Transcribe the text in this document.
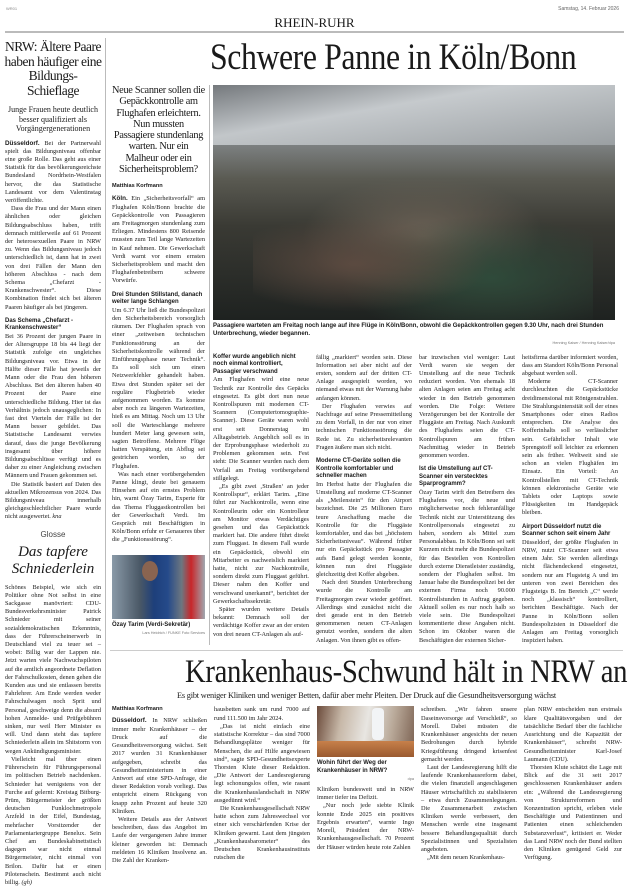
WR01	Samstag, 14. Februar 2026
RHEIN-RUHR
NRW: Ältere Paare haben häufiger eine Bildungs-Schieflage
Junge Frauen heute deutlich besser qualifiziert als Vorgängergenerationen

Düsseldorf. Bei der Partnerwahl spielt das Bildungsniveau offenbar eine große Rolle. Das geht aus einer Statistik für das bevölkerungsreichste Bundesland Nordrhein-Westfalen hervor, die das Statistische Landesamt vor dem Valentinstag veröffentlichte.

Dass die Frau und der Mann einen ähnlichen oder gleichen Bildungsabschluss haben, trifft demnach mittlerweile auf 61 Prozent der heterosexuellen Paare in NRW zu. Wenn das Bildungsniveau jedoch unterschiedlich ist, dann hat in zwei von drei Fällen der Mann den höheren Abschluss - nach dem Schema „Chefarzt - Krankenschwester“. Diese Kombination findet sich bei älteren Paaren häufiger als bei jüngeren.

Das Schema „Chefarzt - Krankenschwester“

Bei 36 Prozent der jungen Paare in der Altersgruppe 18 bis 44 liegt der Statistik zufolge ein ungleiches Bildungsniveau vor. Etwa in der Hälfte dieser Fälle hat jeweils der Mann oder die Frau den höheren Abschluss. Bei den älteren haben 40 Prozent der Paare eine unterschiedliche Bildung. Hier ist das Verhältnis jedoch unausgeglichen: In fast drei Vierteln der Fälle ist der Mann besser gebildet. Das Statistische Landesamt verwies darauf, dass die junge Bevölkerung insgesamt über höhere Bildungsabschlüsse verfügt und es daher zu einer Angleichung zwischen Männern und Frauen gekommen sei.

Die Statistik basiert auf Daten des aktuellen Mikrozensus von 2024. Das Bildungsniveau innerhalb gleichgeschlechtlicher Paare wurde nicht ausgewertet. kna

Glosse
Das tapfere Schniederlein

Schönes Beispiel, wie sich ein Politiker ohne Not selbst in eine Sackgasse manövriert: CDU-Bundesverkehrsminister Patrick Schnieder mit seiner sozialdemokratischen Erkenntnis, dass der Führerscheinerwerb in Deutschland viel zu teuer sei – wobei: Billig war der Lappen nie. Jetzt warten viele Nachwuchspiloten auf die amtlich angeordnete Deflation der Fahrschulkosten, denen gehen die Kunden aus und sie entlassen bereits Fahrlehrer. Am Ende werden weder Fahrschulwagen noch Sprit und Personal, geschweige denn die absurd hohen Anmelde- und Prüfgebühren sinken, nur weil Herr Minister es will. Und dann steht das tapfere Schniederlein allein im Shitstorm von wegen Ankündigungsminister.

Vielleicht mal über einen Führerschein für Führungspersonal im politischen Betrieb nachdenken. Schnieder hat wenigstens von der Furche auf gelernt: Kreistag Bitburg-Prüm, Bürgermeister der größten deutschen Funklochmetropole Arzfeld in der Eifel, Bundestag, mehrfacher Vorsitzender der Parlamentariergruppe Benelux. Sein Chef am Bundeskabinettstisch dagegen war nicht einmal Bürgermeister, nicht einmal von Brilon. Dafür hat er einen Pilotenschein. Bestimmt auch nicht billig. (gh)

Schwere Panne in Köln/Bonn
Neue Scanner sollen die Gepäckkontrolle am Flughafen erleichtern. Nun mussten Passagiere stundenlang warten. Nur ein Malheur oder ein Sicherheitsproblem?
Matthias Korfmann

Köln. Ein „Sicherheitsvorfall“ am Flughafen Köln/Bonn brachte die Gepäckkontrolle von Passagieren am Freitagmorgen stundenlang zum Erliegen. Mindestens 800 Reisende mussten zum Teil lange Wartezeiten in Kauf nehmen. Die Gewerkschaft Verdi warnt vor einem ernsten Sicherheitsproblem und macht den Flughafenbetreibern schwere Vorwürfe.

Drei Stunden Stillstand, danach weiter lange Schlangen

Um 6.37 Uhr ließ die Bundespolizei den Sicherheitsbereich vorsorglich räumen. Der Flughafen sprach von einer „zeitweisen technischen Funktionsstörung an der Sicherheitskontrolle während der Einführungsphase neuer Technik“. Es soll sich um einen Netzwerkfehler gehandelt haben. Etwa drei Stunden später sei der reguläre Flugbetrieb wieder aufgenommen worden. Es komme aber noch zu längeren Wartezeiten, hieß es am Mittag. Noch um 13 Uhr soll die Warteschlange mehrere hundert Meter lang gewesen sein, sagten Betroffene. Mehrere Flüge hatten Verspätung, ein Abflug sei gestrichen worden, so der Flughafen.

Was nach einer vorübergehenden Panne klingt, deute bei genauem Hinsehen auf ein ernstes Problem hin, warnt Özay Tarim, Experte für das Thema Fluggastkontrollen bei der Gewerkschaft Verdi. Im Gespräch mit Beschäftigten in Köln/Bonn erfuhr er Genaueres über die „Funktionsstörung“.

Özay Tarim (Verdi-Sekretär)
Lars Heidrich / FUNKE Foto Services
Passagiere warteten am Freitag noch lange auf ihre Flüge in Köln/Bonn, obwohl die Gepäckkontrollen gegen 9.30 Uhr, nach drei Stunden Unterbrechung, wieder begannen.
Henning Kaiser / Henning Kaiser/dpa
Koffer wurde angeblich nicht noch einmal kontrolliert, Passagier verschwand

Am Flughafen wird eine neue Technik zur Kontrolle des Gepäcks eingesetzt. Es gibt dort nun neue Kontrollspuren mit modernen CT-Scannern (Computertomographie-Scanner). Diese Geräte waren wohl erst seit Donnerstag im Alltagsbetrieb. Angeblich soll es in der Erprobungsphase wiederholt zu Problemen gekommen sein. Fest steht: Die Scanner wurden nach dem Vorfall am Freitag vorübergehend stillgelegt.

„Es gibt zwei ‚Straßen‘ an jeder Kontrollspur“, erklärt Tarim. „Eine führt zur Nachkontrolle, wenn eine Kontrolleurin oder ein Kontrolleur am Monitor etwas Verdächtiges gesehen und das Gepäckstück markiert hat. Die andere führt direkt zum Fluggast. In diesem Fall wurde ein Gepäckstück, obwohl ein Mitarbeiter es nachweislich markiert hatte, nicht zur Nachkontrolle, sondern direkt zum Fluggast geführt. Dieser nahm den Koffer und verschwand unerkannt“, berichtet der Gewerkschaftssekretär.

Später wurden weitere Details bekannt: Demnach soll der verdächtige Koffer zwar an der ersten von drei neuen CT-Anlagen als auf-

fällig „markiert“ worden sein. Diese Information sei aber nicht auf der ersten, sondern auf der dritten CT-Anlage ausgespielt worden, wo niemand etwas mit der Warnung habe anfangen können.

Der Flughafen verwies auf Nachfrage auf seine Pressemitteilung zu dem Vorfall, in der nur von einer technischen Funktionsstörung die Rede ist. Zu sicherheitsrelevanten Fragen äußere man sich nicht.

Moderne CT-Geräte sollen die Kontrolle komfortabler und schneller machen

Im Herbst hatte der Flughafen die Umstellung auf moderne CT-Scanner als „Meilenstein“ für den Airport bezeichnet. Die 25 Millionen Euro teure Anschaffung mache die Kontrolle für die Fluggäste komfortabler, und das bei „höchstem Sicherheitsniveau“. Während früher nur ein Gepäckstück pro Passagier aufs Band gelegt werden konnte, können nun drei Fluggäste gleichzeitig drei Koffer abgeben.

Nach drei Stunden Unterbrechung wurde die Kontrolle am Freitagmorgen zwar wieder geöffnet. Allerdings sind zunächst nicht die drei gerade erst in den Betrieb genommenen neuen CT-Anlagen genutzt worden, sondern die alten Anlagen. Von ihnen gibt es offen-

bar inzwischen viel weniger: Laut Verdi waren sie wegen der Umstellung auf die neue Technik reduziert worden. Von ehemals 18 alten Anlagen seien am Freitag acht wieder in den Betrieb genommen worden. Die Folge: Weitere Verzögerungen bei der Kontrolle der Fluggäste am Freitag. Nach Auskunft des Flughafens seien die CT-Kontrollspuren am frühen Nachmittag wieder in Betrieb genommen worden.

Ist die Umstellung auf CT-Scanner ein verstecktes Sparprogramm?

Özay Tarim wirft den Betreibern des Flughafens vor, die neue und möglicherweise noch fehleranfällige Technik nicht zur Unterstützung des Kontrollpersonals eingesetzt zu haben, sondern als Mittel zum Personalabbau. In Köln/Bonn sei seit Kurzem nicht mehr die Bundespolizei für das Bestellen von Kontrollen durch externe Dienstleister zuständig, sondern der Flughafen selbst. Im Januar habe die Bundespolizei bei der externen Firma noch 90.000 Kontrollstunden in Auftrag gegeben. Aktuell sollen es nur noch halb so viele sein. Die Bundespolizei kommentierte diese Angaben nicht. Schon im Oktober waren die Beschäftigten der externen Sicher-

heitsfirma darüber informiert worden, dass am Standort Köln/Bonn Personal abgebaut werden soll.

Moderne CT-Scanner durchleuchten die Gepäckstücke dreidimensional mit Röntgenstrahlen. Die Strahlungsintensität soll der eines Smartphones oder eines Radios entsprechen. Die Analyse des Kofferinhalts soll so verlässlicher sein. Gefährlicher Inhalt wie Sprengstoff soll leichter zu erkennen sein als früher. Weltweit sind sie schon an vielen Flughäfen im Einsatz. Ein Vorteil: An Kontrollstellen mit CT-Technik können elektronische Geräte wie Tablets oder Laptops sowie Flüssigkeiten im Handgepäck bleiben.

Airport Düsseldorf nutzt die Scanner schon seit einem Jahr

Düsseldorf, der größte Flughafen in NRW, nutzt CT-Scanner seit etwa einem Jahr. Sie werden allerdings nicht flächendeckend eingesetzt, sondern nur am Flugsteig A und im unteren von zwei Bereichen des Flugsteigs B. Im Bereich „C“ werde noch „klassisch“ kontrolliert, berichten Beschäftigte. Nach der Panne in Köln/Bonn sollen Bundespolizisten in Düsseldorf die Anlagen am Freitag vorsorglich inspiziert haben.

Krankenhaus-Schwund hält in NRW an
Es gibt weniger Kliniken und weniger Betten, dafür aber mehr Pleiten. Der Druck auf die Gesundheitsversorgung wächst
Matthias Korfmann

Düsseldorf. In NRW schließen immer mehr Krankenhäuser – der Druck auf die Gesundheitsversorgung wächst. Seit 2017 wurden 31 Krankenhäuser aufgegeben, schreibt das Gesundheitsministerium in einer Antwort auf eine SPD-Anfrage, die dieser Redaktion vorab vorliegt. Das entspricht einem Rückgang von knapp zehn Prozent auf heute 320 Kliniken.

Weitere Details aus der Antwort beschreiben, dass das Angebot im Laufe der vergangenen Jahre immer kleiner geworden ist: Demnach meldeten 16 Kliniken Insolvenz an. Die Zahl der Kranken-

hausbetten sank um rund 7000 auf rund 111.500 im Jahr 2024.

„Das ist nicht einfach eine statistische Korrektur – das sind 7000 Behandlungsplätze weniger für Menschen, die auf Hilfe angewiesen sind“, sagte SPD-Gesundheitsexperte Thorsten Klute dieser Redaktion. „Die Antwort der Landesregierung legt schonungslos offen, wie rasant die Krankenhauslandschaft in NRW ausgedünnt wird.“

Die Krankenhausgesellschaft NRW hatte schon zum Jahreswechsel vor einer sich verschärfenden Krise der Kliniken gewarnt. Laut dem jüngsten „Krankenhausbarometer“ des Deutschen Krankenhausinstituts rutschen die

Wohin führt der Weg der Krankenhäuser in NRW?
dpa

Kliniken bundesweit und in NRW immer tiefer ins Defizit.

„Nur noch jede siebte Klinik konnte Ende 2025 ein positives Ergebnis erwarten“, warnte Ingo Morell, Präsident der NRW-Krankenhausgesellschaft. 70 Prozent der Häuser würden heute rote Zahlen

schreiben. „Wir fahren unsere Daseinsvorsorge auf Verschleiß“, so Morell. Dabei müssten die Krankenhäuser angesichts der neuen Bedrohungen durch hybride Kriegsführung dringend krisenfest gemacht werden.

Laut der Landesregierung hilft die laufende Krankenhausreform dabei, die vielen finanziell angeschlagenen Häuser wirtschaftlich zu stabilisieren – etwa durch Zusammenlegungen. Die Zusammenarbeit zwischen Kliniken werde verbessert, den Menschen werde eine insgesamt bessere Behandlungsqualität durch Spezialistinnen und Spezialisten angeboten.

„Mit dem neuen Krankenhaus-

plan NRW entscheiden nun erstmals klare Qualitätsvorgaben und der tatsächliche Bedarf über die fachliche Ausrichtung und die Kapazität der Krankenhäuser“, schreibt NRW-Gesundheitsminister Karl-Josef Laumann (CDU).

Thorsten Klute schätzt die Lage mit Blick auf die 31 seit 2017 geschlossenen Krankenhäuser anders ein: „Während die Landesregierung von Strukturreformen und Konzentration spricht, erleben viele Beschäftigte und Patientinnen und Patienten einen schleichenden Substanzverlust“, kritisiert er. Weder das Land NRW noch der Bund stellten den Kliniken genügend Geld zur Verfügung.
